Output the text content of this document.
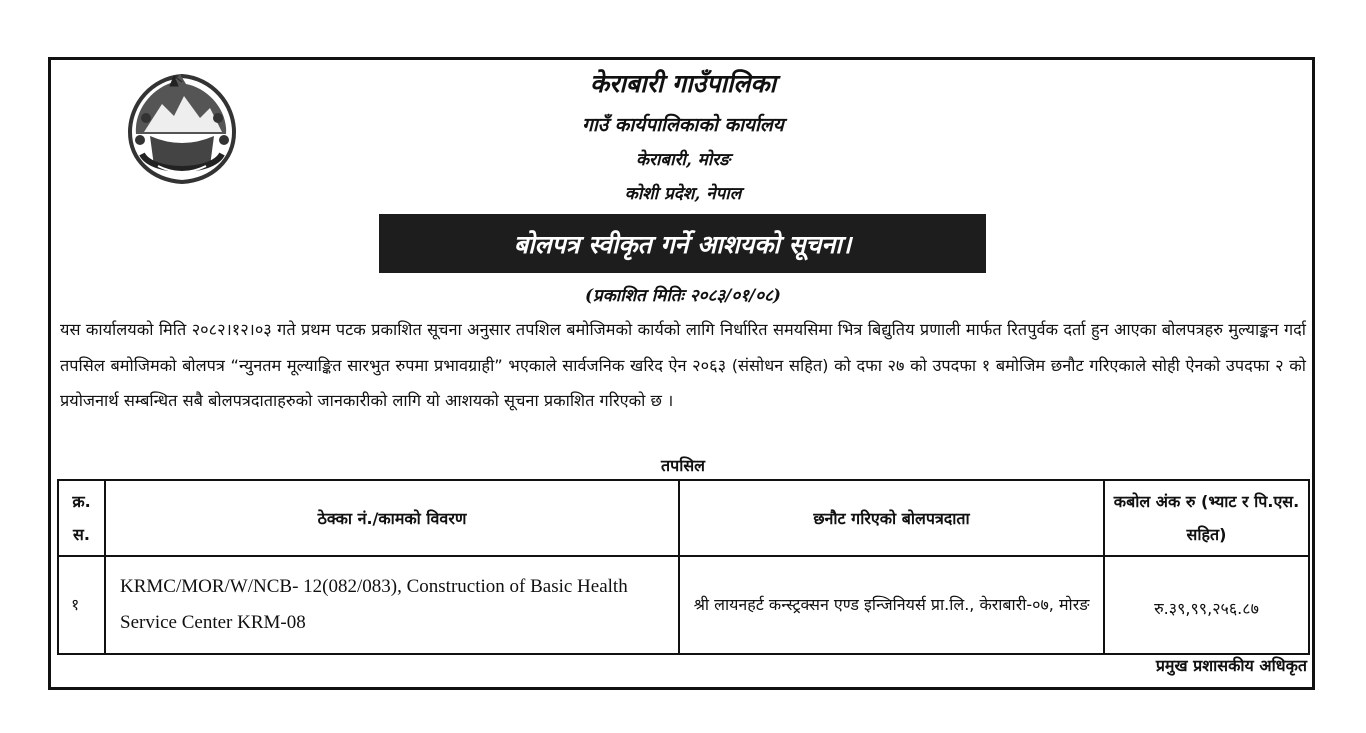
केराबारी गाउँपालिका
गाउँ कार्यपालिकाको कार्यालय
केराबारी, मोरङ
कोशी प्रदेश, नेपाल
बोलपत्र स्वीकृत गर्ने आशयको सूचना।
(प्रकाशित मितिः २०८३/०१/०८)
यस कार्यालयको मिति २०८२।१२।०३ गते प्रथम पटक प्रकाशित सूचना अनुसार तपशिल बमोजिमको कार्यको लागि निर्धारित समयसिमा भित्र बिद्युतिय प्रणाली मार्फत रितपुर्वक दर्ता हुन आएका बोलपत्रहरु मुल्याङ्कन गर्दा तपसिल बमोजिमको बोलपत्र “न्युनतम मूल्याङ्कित सारभुत रुपमा प्रभावग्राही” भएकाले सार्वजनिक खरिद ऐन २०६३ (संसोधन सहित) को दफा २७ को उपदफा १ बमोजिम छनौट गरिएकाले सोही ऐनको उपदफा २ को प्रयोजनार्थ सम्बन्धित सबै बोलपत्रदाताहरुको जानकारीको लागि यो आशयको सूचना प्रकाशित गरिएको छ ।
तपसिल
क्र. स.	ठेक्का नं./कामको विवरण	छनौट गरिएको बोलपत्रदाता	कबोल अंक रु (भ्याट र पि.एस. सहित)
१	KRMC/MOR/W/NCB- 12(082/083), Construction of Basic Health Service Center KRM-08	श्री लायनहर्ट कन्स्ट्रक्सन एण्ड इन्जिनियर्स प्रा.लि., केराबारी-०७, मोरङ	रु.३९,९९,२५६.८७
प्रमुख प्रशासकीय अधिकृत
